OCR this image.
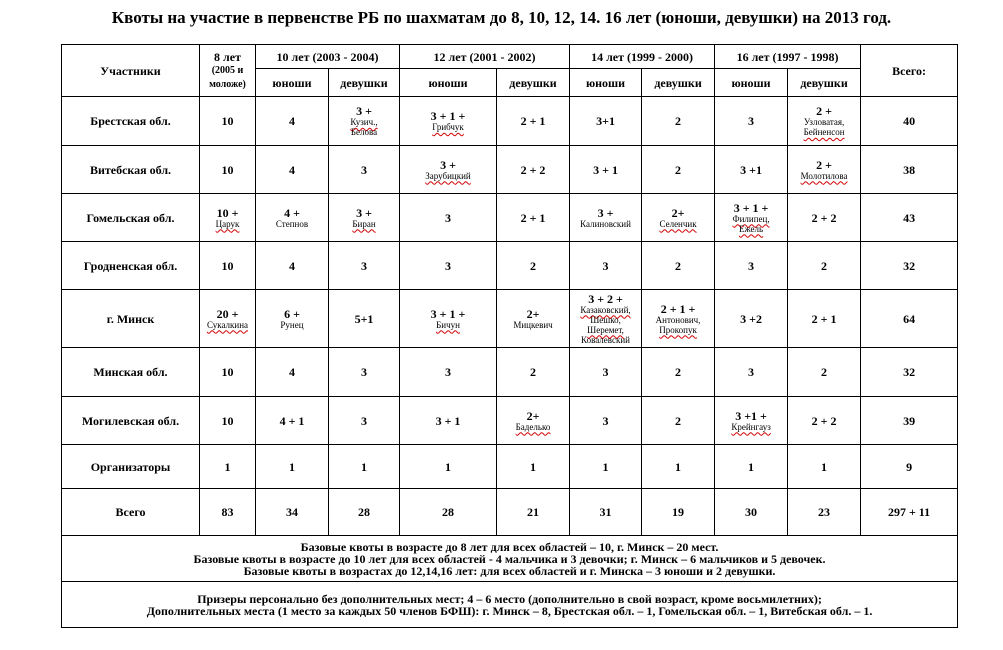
Квоты на участие в первенстве РБ по шахматам до 8, 10, 12, 14. 16 лет (юноши, девушки) на 2013 год.
Участники	8 лет
(2005 и моложе)	10 лет (2003 - 2004)		12 лет (2001 - 2002)		14 лет (1999 - 2000)		16 лет (1997 - 1998)		Всего:
		юноши	девушки	юноши	девушки	юноши	девушки	юноши	девушки	
Брестская обл.	10	4	3 +
Кузич.,
Белова	3 + 1 +
Грибчук	2 + 1	3+1	2	3	2 +
Узловатая,
Бейненсон	40
Витебская обл.	10	4	3	3 +
Зарубицкий	2 + 2	3 + 1	2	3 +1	2 +
Молотилова	38
Гомельская обл.	10 +
Царук	4 +
Степнов	3 +
Биран	3	2 + 1	3 +
Калиновский	2+
Селенчик	3 + 1 +
Филипец,
Ежель	2 + 2	43
Гродненская обл.	10	4	3	3	2	3	2	3	2	32
г. Минск	20 +
Сукалкина	6 +
Рунец	5+1	3 + 1 +
Бичун	2+
Мицкевич	3 + 2 +
Казаковский,
Шешко,
Шеремет,
Ковалевский	2 + 1 +
Антонович,
Прокопук	3 +2	2 + 1	64
Минская обл.	10	4	3	3	2	3	2	3	2	32
Могилевская обл.	10	4 + 1	3	3 + 1	2+
Баделько	3	2	3 +1 +
Крейнгауз	2 + 2	39
Организаторы	1	1	1	1	1	1	1	1	1	9
Всего	83	34	28	28	21	31	19	30	23	297 + 11

Базовые квоты в возрасте до 8 лет для всех областей – 10, г. Минск – 20 мест.
Базовые квоты в возрасте до 10 лет для всех областей - 4 мальчика и 3 девочки; г. Минск – 6 мальчиков и 5 девочек.
Базовые квоты в возрастах до 12,14,16 лет: для всех областей и г. Минска – 3 юноши и 2 девушки.										

Призеры персонально без дополнительных мест; 4 – 6 место (дополнительно в свой возраст, кроме восьмилетних);
Дополнительных места (1 место за каждых 50 членов БФШ): г. Минск – 8, Брестская обл. – 1, Гомельская обл. – 1, Витебская обл. – 1.										
